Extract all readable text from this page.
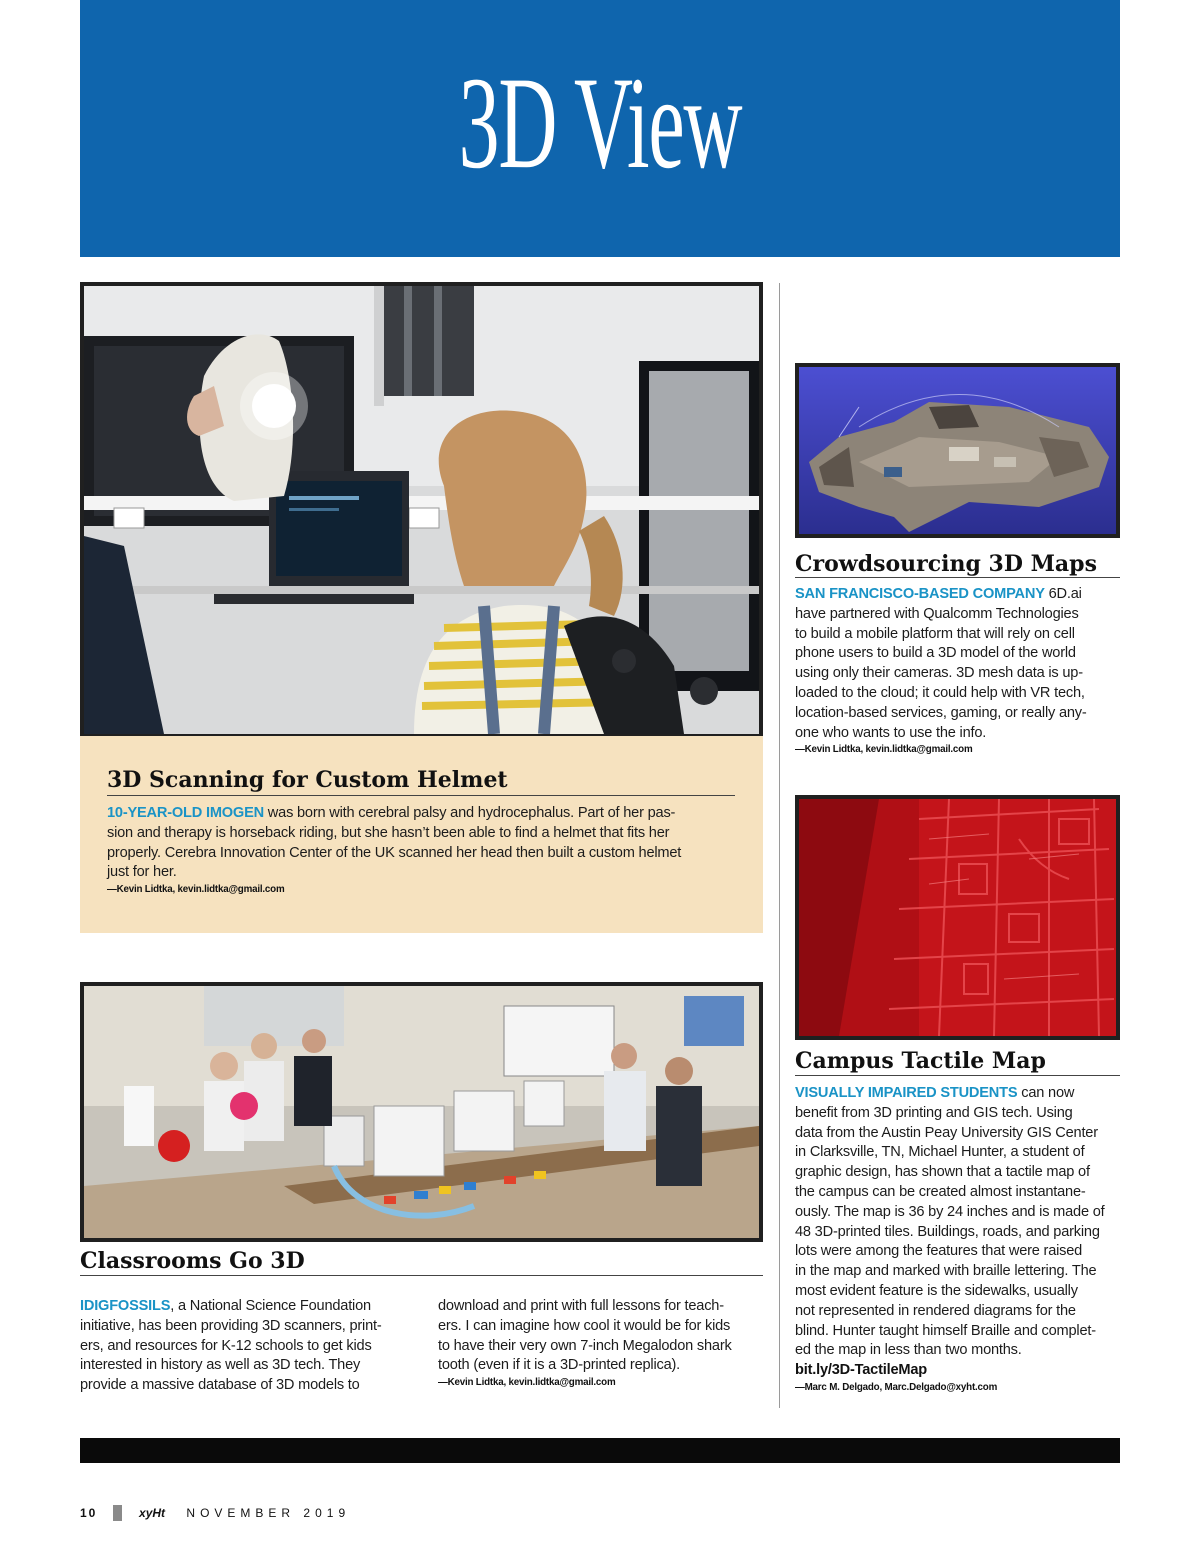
3D View
3D Scanning for Custom Helmet
10-YEAR-OLD IMOGEN was born with cerebral palsy and hydrocephalus. Part of her pas-
sion and therapy is horseback riding, but she hasn’t been able to find a helmet that fits her
properly. Cerebra Innovation Center of the UK scanned her head then built a custom helmet
just for her.
—Kevin Lidtka, kevin.lidtka@gmail.com
Crowdsourcing 3D Maps
SAN FRANCISCO-BASED COMPANY 6D.ai
have partnered with Qualcomm Technologies
to build a mobile platform that will rely on cell
phone users to build a 3D model of the world
using only their cameras. 3D mesh data is up-
loaded to the cloud; it could help with VR tech,
location-based services, gaming, or really any-
one who wants to use the info.
—Kevin Lidtka, kevin.lidtka@gmail.com
Campus Tactile Map
VISUALLY IMPAIRED STUDENTS can now
benefit from 3D printing and GIS tech. Using
data from the Austin Peay University GIS Center
in Clarksville, TN, Michael Hunter, a student of
graphic design, has shown that a tactile map of
the campus can be created almost instantane-
ously. The map is 36 by 24 inches and is made of
48 3D-printed tiles. Buildings, roads, and parking
lots were among the features that were raised
in the map and marked with braille lettering. The
most evident feature is the sidewalks, usually
not represented in rendered diagrams for the
blind. Hunter taught himself Braille and complet-
ed the map in less than two months.
bit.ly/3D-TactileMap
—Marc M. Delgado, Marc.Delgado@xyht.com
Classrooms Go 3D
IDIGFOSSILS, a National Science Foundation
initiative, has been providing 3D scanners, print-
ers, and resources for K-12 schools to get kids
interested in history as well as 3D tech. They
provide a massive database of 3D models to
download and print with full lessons for teach-
ers. I can imagine how cool it would be for kids
to have their very own 7-inch Megalodon shark
tooth (even if it is a 3D-printed replica).
—Kevin Lidtka, kevin.lidtka@gmail.com
10	xyHt NOVEMBER 2019
